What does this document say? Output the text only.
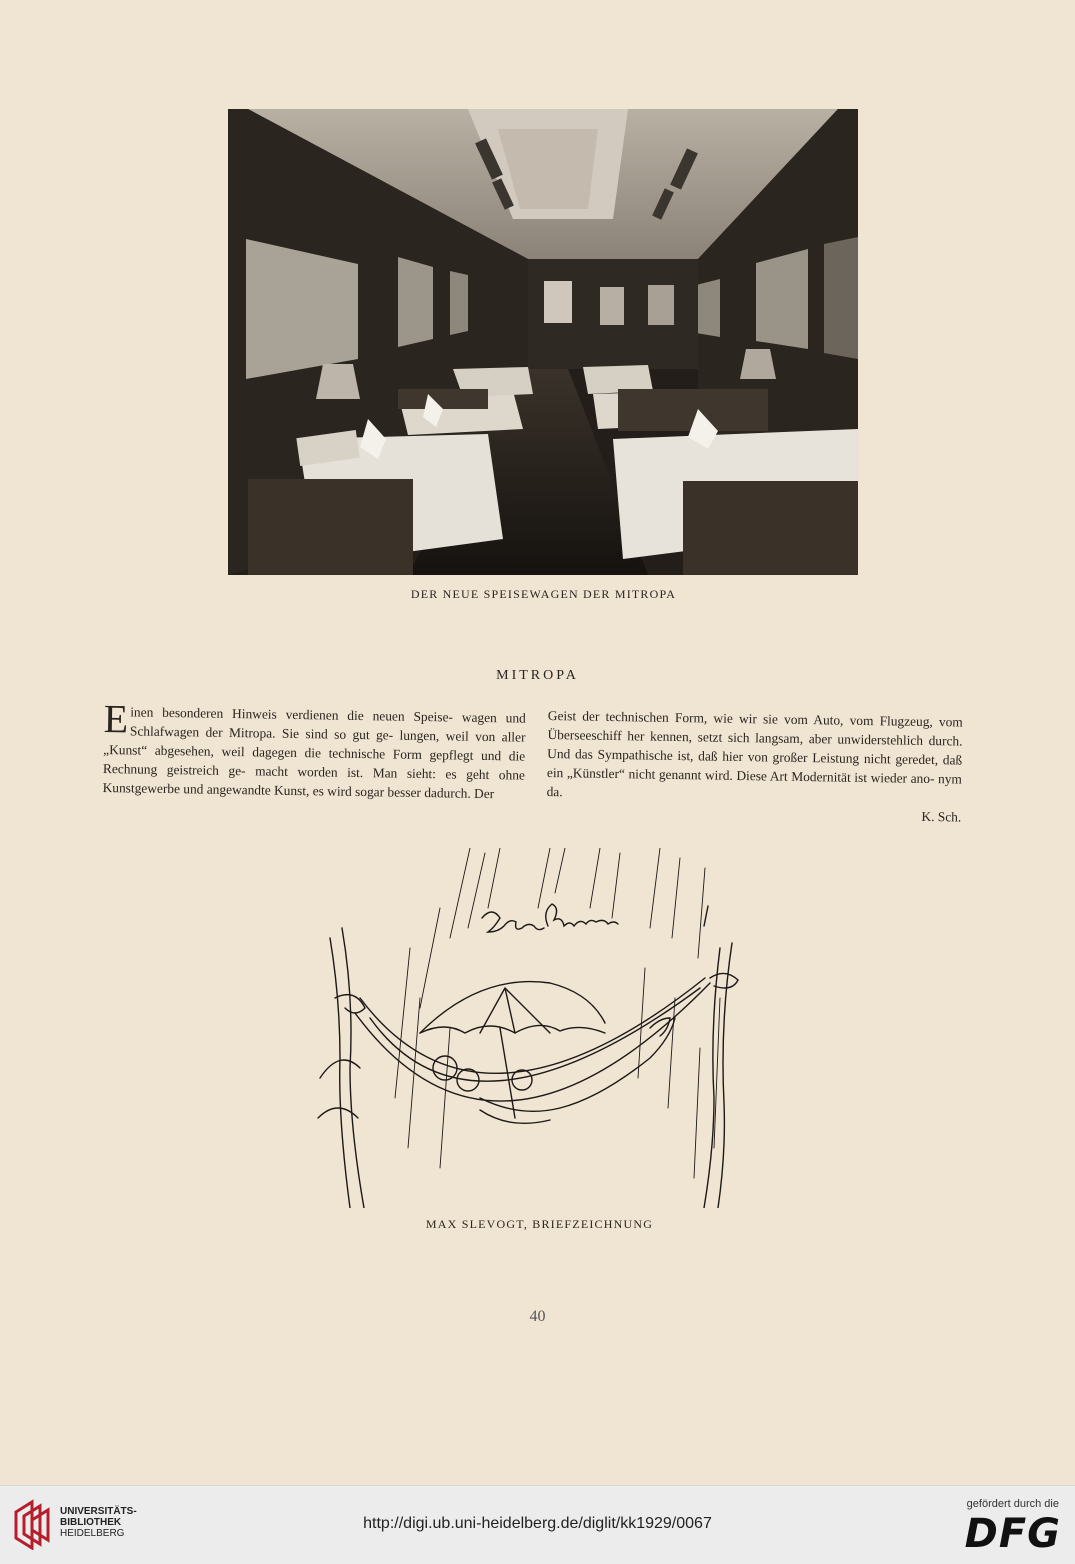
DER NEUE SPEISEWAGEN DER MITROPA
MITROPA
E inen besonderen Hinweis verdienen die neuen Speise- wagen und Schlafwagen der Mitropa. Sie sind so gut ge- lungen, weil von aller „Kunst“ abgesehen, weil dagegen die technische Form gepflegt und die Rechnung geistreich ge- macht worden ist. Man sieht: es geht ohne Kunstgewerbe und angewandte Kunst, es wird sogar besser dadurch. Der

Geist der technischen Form, wie wir sie vom Auto, vom Flugzeug, vom Überseeschiff her kennen, setzt sich langsam, aber unwiderstehlich durch. Und das Sympathische ist, daß hier von großer Leistung nicht geredet, daß ein „Künstler“ nicht genannt wird. Diese Art Modernität ist wieder ano- nym da.

K. Sch.

MAX SLEVOGT, BRIEFZEICHNUNG
40
UNIVERSITÄTS-
BIBLIOTHEK
HEIDELBERG
http://digi.ub.uni-heidelberg.de/diglit/kk1929/0067
gefördert durch die
DFG
